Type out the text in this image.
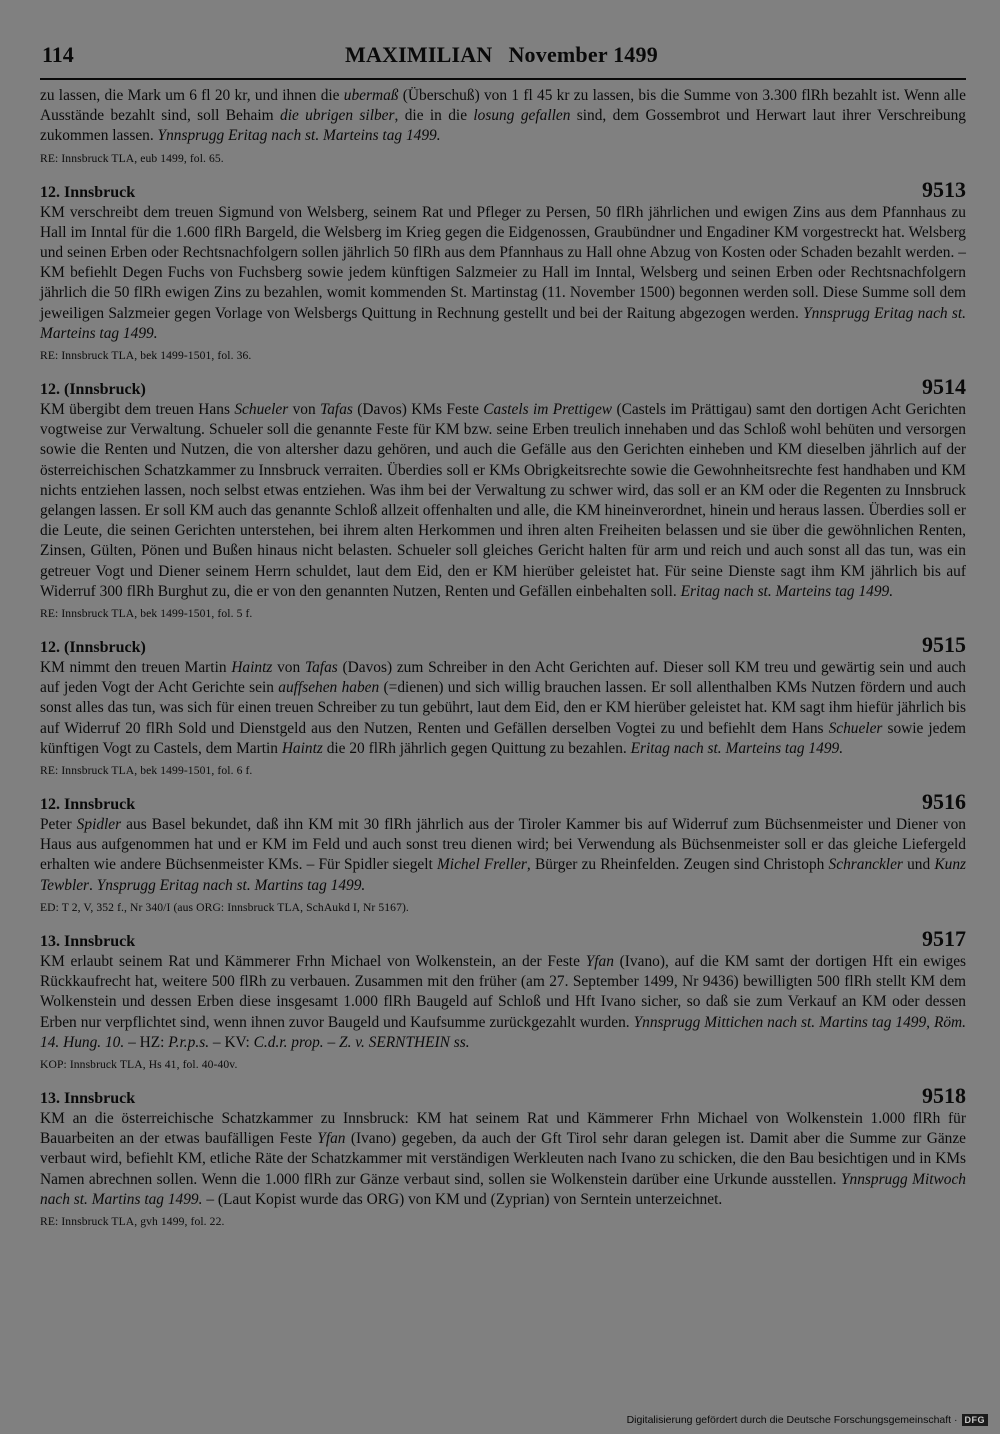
114	MAXIMILIAN November 1499

zu lassen, die Mark um 6 fl 20 kr, und ihnen die ubermaß (Überschuß) von 1 fl 45 kr zu lassen, bis die Summe von 3.300 flRh bezahlt ist. Wenn alle Ausstände bezahlt sind, soll Behaim die ubrigen silber, die in die losung gefallen sind, dem Gossembrot und Herwart laut ihrer Verschreibung zukommen lassen. Ynnsprugg Eritag nach st. Marteins tag 1499.

RE: Innsbruck TLA, eub 1499, fol. 65.
12. Innsbruck	9513

KM verschreibt dem treuen Sigmund von Welsberg, seinem Rat und Pfleger zu Persen, 50 flRh jährlichen und ewigen Zins aus dem Pfannhaus zu Hall im Inntal für die 1.600 flRh Bargeld, die Welsberg im Krieg gegen die Eidgenossen, Graubündner und Engadiner KM vorgestreckt hat. Welsberg und seinen Erben oder Rechtsnachfolgern sollen jährlich 50 flRh aus dem Pfannhaus zu Hall ohne Abzug von Kosten oder Schaden bezahlt werden. – KM befiehlt Degen Fuchs von Fuchsberg sowie jedem künftigen Salzmeier zu Hall im Inntal, Welsberg und seinen Erben oder Rechtsnachfolgern jährlich die 50 flRh ewigen Zins zu bezahlen, womit kommenden St. Martinstag (11. November 1500) begonnen werden soll. Diese Summe soll dem jeweiligen Salzmeier gegen Vorlage von Welsbergs Quittung in Rechnung gestellt und bei der Raitung abgezogen werden. Ynnsprugg Eritag nach st. Marteins tag 1499.

RE: Innsbruck TLA, bek 1499-1501, fol. 36.
12. (Innsbruck)	9514

KM übergibt dem treuen Hans Schueler von Tafas (Davos) KMs Feste Castels im Prettigew (Castels im Prättigau) samt den dortigen Acht Gerichten vogtweise zur Verwaltung. Schueler soll die genannte Feste für KM bzw. seine Erben treulich innehaben und das Schloß wohl behüten und versorgen sowie die Renten und Nutzen, die von altersher dazu gehören, und auch die Gefälle aus den Gerichten einheben und KM dieselben jährlich auf der österreichischen Schatzkammer zu Innsbruck verraiten. Überdies soll er KMs Obrigkeitsrechte sowie die Gewohnheitsrechte fest handhaben und KM nichts entziehen lassen, noch selbst etwas entziehen. Was ihm bei der Verwaltung zu schwer wird, das soll er an KM oder die Regenten zu Innsbruck gelangen lassen. Er soll KM auch das genannte Schloß allzeit offenhalten und alle, die KM hineinverordnet, hinein und heraus lassen. Überdies soll er die Leute, die seinen Gerichten unterstehen, bei ihrem alten Herkommen und ihren alten Freiheiten belassen und sie über die gewöhnlichen Renten, Zinsen, Gülten, Pönen und Bußen hinaus nicht belasten. Schueler soll gleiches Gericht halten für arm und reich und auch sonst all das tun, was ein getreuer Vogt und Diener seinem Herrn schuldet, laut dem Eid, den er KM hierüber geleistet hat. Für seine Dienste sagt ihm KM jährlich bis auf Widerruf 300 flRh Burghut zu, die er von den genannten Nutzen, Renten und Gefällen einbehalten soll. Eritag nach st. Marteins tag 1499.

RE: Innsbruck TLA, bek 1499-1501, fol. 5 f.
12. (Innsbruck)	9515

KM nimmt den treuen Martin Haintz von Tafas (Davos) zum Schreiber in den Acht Gerichten auf. Dieser soll KM treu und gewärtig sein und auch auf jeden Vogt der Acht Gerichte sein auffsehen haben (=dienen) und sich willig brauchen lassen. Er soll allenthalben KMs Nutzen fördern und auch sonst alles das tun, was sich für einen treuen Schreiber zu tun gebührt, laut dem Eid, den er KM hierüber geleistet hat. KM sagt ihm hiefür jährlich bis auf Widerruf 20 flRh Sold und Dienstgeld aus den Nutzen, Renten und Gefällen derselben Vogtei zu und befiehlt dem Hans Schueler sowie jedem künftigen Vogt zu Castels, dem Martin Haintz die 20 flRh jährlich gegen Quittung zu bezahlen. Eritag nach st. Marteins tag 1499.

RE: Innsbruck TLA, bek 1499-1501, fol. 6 f.
12. Innsbruck	9516

Peter Spidler aus Basel bekundet, daß ihn KM mit 30 flRh jährlich aus der Tiroler Kammer bis auf Widerruf zum Büchsenmeister und Diener von Haus aus aufgenommen hat und er KM im Feld und auch sonst treu dienen wird; bei Verwendung als Büchsenmeister soll er das gleiche Liefergeld erhalten wie andere Büchsenmeister KMs. – Für Spidler siegelt Michel Freller, Bürger zu Rheinfelden. Zeugen sind Christoph Schranckler und Kunz Tewbler. Ynsprugg Eritag nach st. Martins tag 1499.

ED: T 2, V, 352 f., Nr 340/I (aus ORG: Innsbruck TLA, SchAukd I, Nr 5167).
13. Innsbruck	9517

KM erlaubt seinem Rat und Kämmerer Frhn Michael von Wolkenstein, an der Feste Yfan (Ivano), auf die KM samt der dortigen Hft ein ewiges Rückkaufrecht hat, weitere 500 flRh zu verbauen. Zusammen mit den früher (am 27. September 1499, Nr 9436) bewilligten 500 flRh stellt KM dem Wolkenstein und dessen Erben diese insgesamt 1.000 flRh Baugeld auf Schloß und Hft Ivano sicher, so daß sie zum Verkauf an KM oder dessen Erben nur verpflichtet sind, wenn ihnen zuvor Baugeld und Kaufsumme zurückgezahlt wurden. Ynnsprugg Mittichen nach st. Martins tag 1499, Röm. 14. Hung. 10. – HZ: P.r.p.s. – KV: C.d.r. prop. – Z. v. SERNTHEIN ss.

KOP: Innsbruck TLA, Hs 41, fol. 40-40v.
13. Innsbruck	9518

KM an die österreichische Schatzkammer zu Innsbruck: KM hat seinem Rat und Kämmerer Frhn Michael von Wolkenstein 1.000 flRh für Bauarbeiten an der etwas baufälligen Feste Yfan (Ivano) gegeben, da auch der Gft Tirol sehr daran gelegen ist. Damit aber die Summe zur Gänze verbaut wird, befiehlt KM, etliche Räte der Schatzkammer mit verständigen Werkleuten nach Ivano zu schicken, die den Bau besichtigen und in KMs Namen abrechnen sollen. Wenn die 1.000 flRh zur Gänze verbaut sind, sollen sie Wolkenstein darüber eine Urkunde ausstellen. Ynnsprugg Mitwoch nach st. Martins tag 1499. – (Laut Kopist wurde das ORG) von KM und (Zyprian) von Serntein unterzeichnet.

RE: Innsbruck TLA, gvh 1499, fol. 22.
Digitalisierung gefördert durch die Deutsche Forschungsgemeinschaft · DFG
